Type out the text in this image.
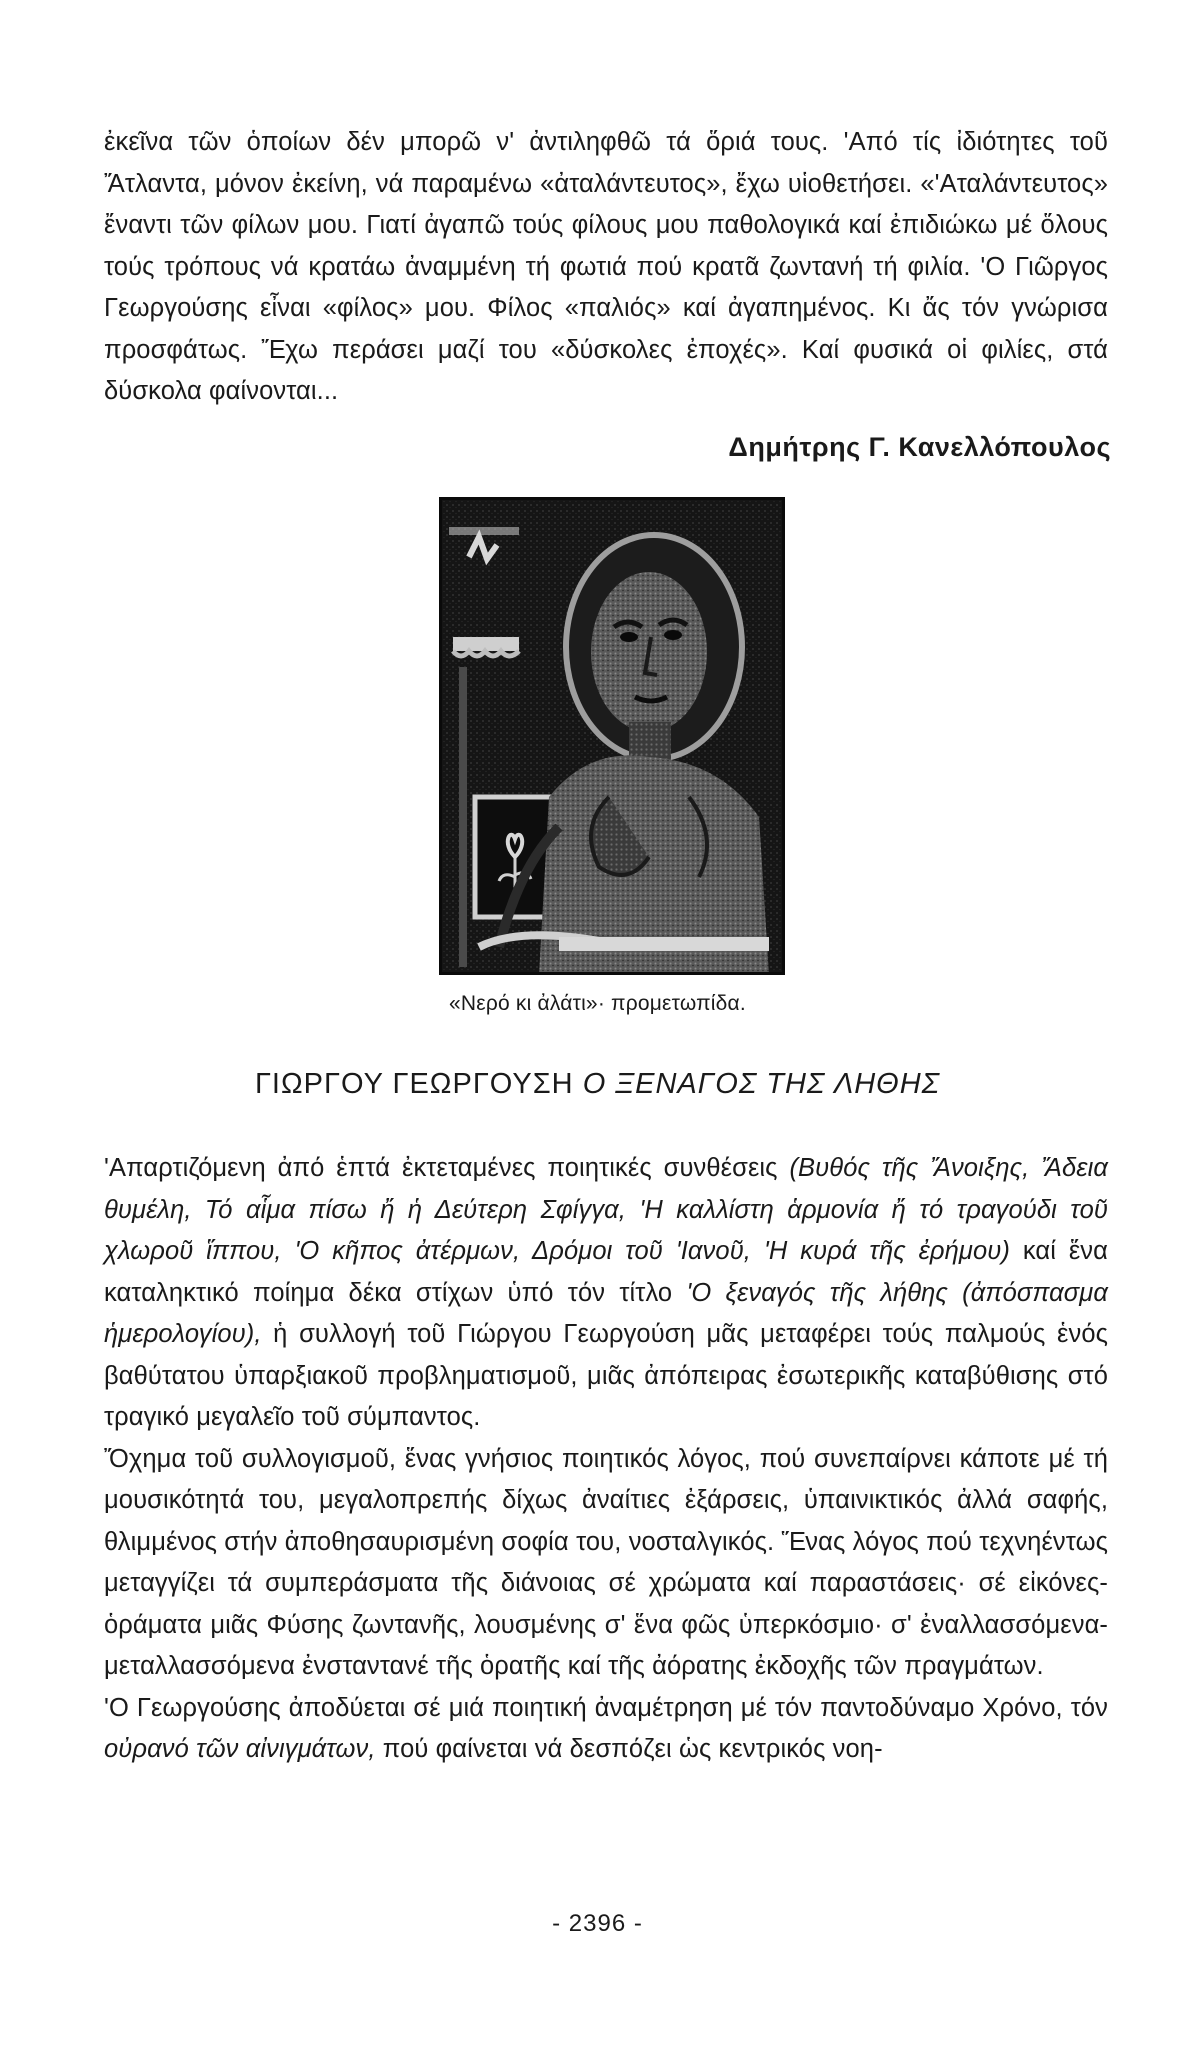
ἐκεῖνα τῶν ὁποίων δέν μπορῶ ν' ἀντιληφθῶ τά ὅριά τους. 'Από τίς ἰδιότητες τοῦ Ἄτλαντα, μόνον ἐκείνη, νά παραμένω «ἀταλάντευτος», ἔχω υἱοθετήσει. «'Αταλάντευτος» ἔναντι τῶν φίλων μου. Γιατί ἀγαπῶ τούς φίλους μου παθολογικά καί ἐπιδιώκω μέ ὅλους τούς τρόπους νά κρατάω ἀναμμένη τή φωτιά πού κρατᾶ ζωντανή τή φιλία. 'Ο Γιῶργος Γεωργούσης εἶναι «φίλος» μου. Φίλος «παλιός» καί ἀγαπημένος. Κι ἄς τόν γνώρισα προσφάτως. Ἔχω περάσει μαζί του «δύσκολες ἐποχές». Καί φυσικά οἱ φιλίες, στά δύσκολα φαίνονται...

Δημήτρης Γ. Κανελλόπουλος
«Νερό κι ἀλάτι»· προμετωπίδα.
ΓΙΩΡΓΟΥ ΓΕΩΡΓΟΥΣΗ Ο ΞΕΝΑΓΟΣ ΤΗΣ ΛΗΘΗΣ

'Απαρτιζόμενη ἀπό ἑπτά ἐκτεταμένες ποιητικές συνθέσεις (Βυθός τῆς Ἄνοιξης, Ἄδεια θυμέλη, Τό αἷμα πίσω ἤ ἡ Δεύτερη Σφίγγα, 'Η καλλίστη ἁρμονία ἤ τό τραγούδι τοῦ χλωροῦ ἵππου, 'Ο κῆπος ἀτέρμων, Δρόμοι τοῦ 'Ιανοῦ, 'Η κυρά τῆς ἐρήμου) καί ἕνα καταληκτικό ποίημα δέκα στίχων ὑπό τόν τίτλο 'Ο ξεναγός τῆς λήθης (ἀπόσπασμα ἡμερολογίου), ἡ συλλογή τοῦ Γιώργου Γεωργούση μᾶς μεταφέρει τούς παλμούς ἑνός βαθύτατου ὑπαρξιακοῦ προβληματισμοῦ, μιᾶς ἀπόπειρας ἐσωτερικῆς καταβύθισης στό τραγικό μεγαλεῖο τοῦ σύμπαντος.

Ὄχημα τοῦ συλλογισμοῦ, ἕνας γνήσιος ποιητικός λόγος, πού συνεπαίρνει κάποτε μέ τή μουσικότητά του, μεγαλοπρεπής δίχως ἀναίτιες ἐξάρσεις, ὑπαινικτικός ἀλλά σαφής, θλιμμένος στήν ἀποθησαυρισμένη σοφία του, νοσταλγικός. Ἕνας λόγος πού τεχνηέντως μεταγγίζει τά συμπεράσματα τῆς διάνοιας σέ χρώματα καί παραστάσεις· σέ εἰκόνες-ὁράματα μιᾶς Φύσης ζωντανῆς, λουσμένης σ' ἕνα φῶς ὑπερκόσμιο· σ' ἐναλλασσόμενα-μεταλλασσόμενα ἐνσταντανέ τῆς ὁρατῆς καί τῆς ἀόρατης ἐκδοχῆς τῶν πραγμάτων.

'Ο Γεωργούσης ἀποδύεται σέ μιά ποιητική ἀναμέτρηση μέ τόν παντοδύναμο Χρόνο, τόν οὐρανό τῶν αἰνιγμάτων, πού φαίνεται νά δεσπόζει ὡς κεντρικός νοη-

- 2396 -
